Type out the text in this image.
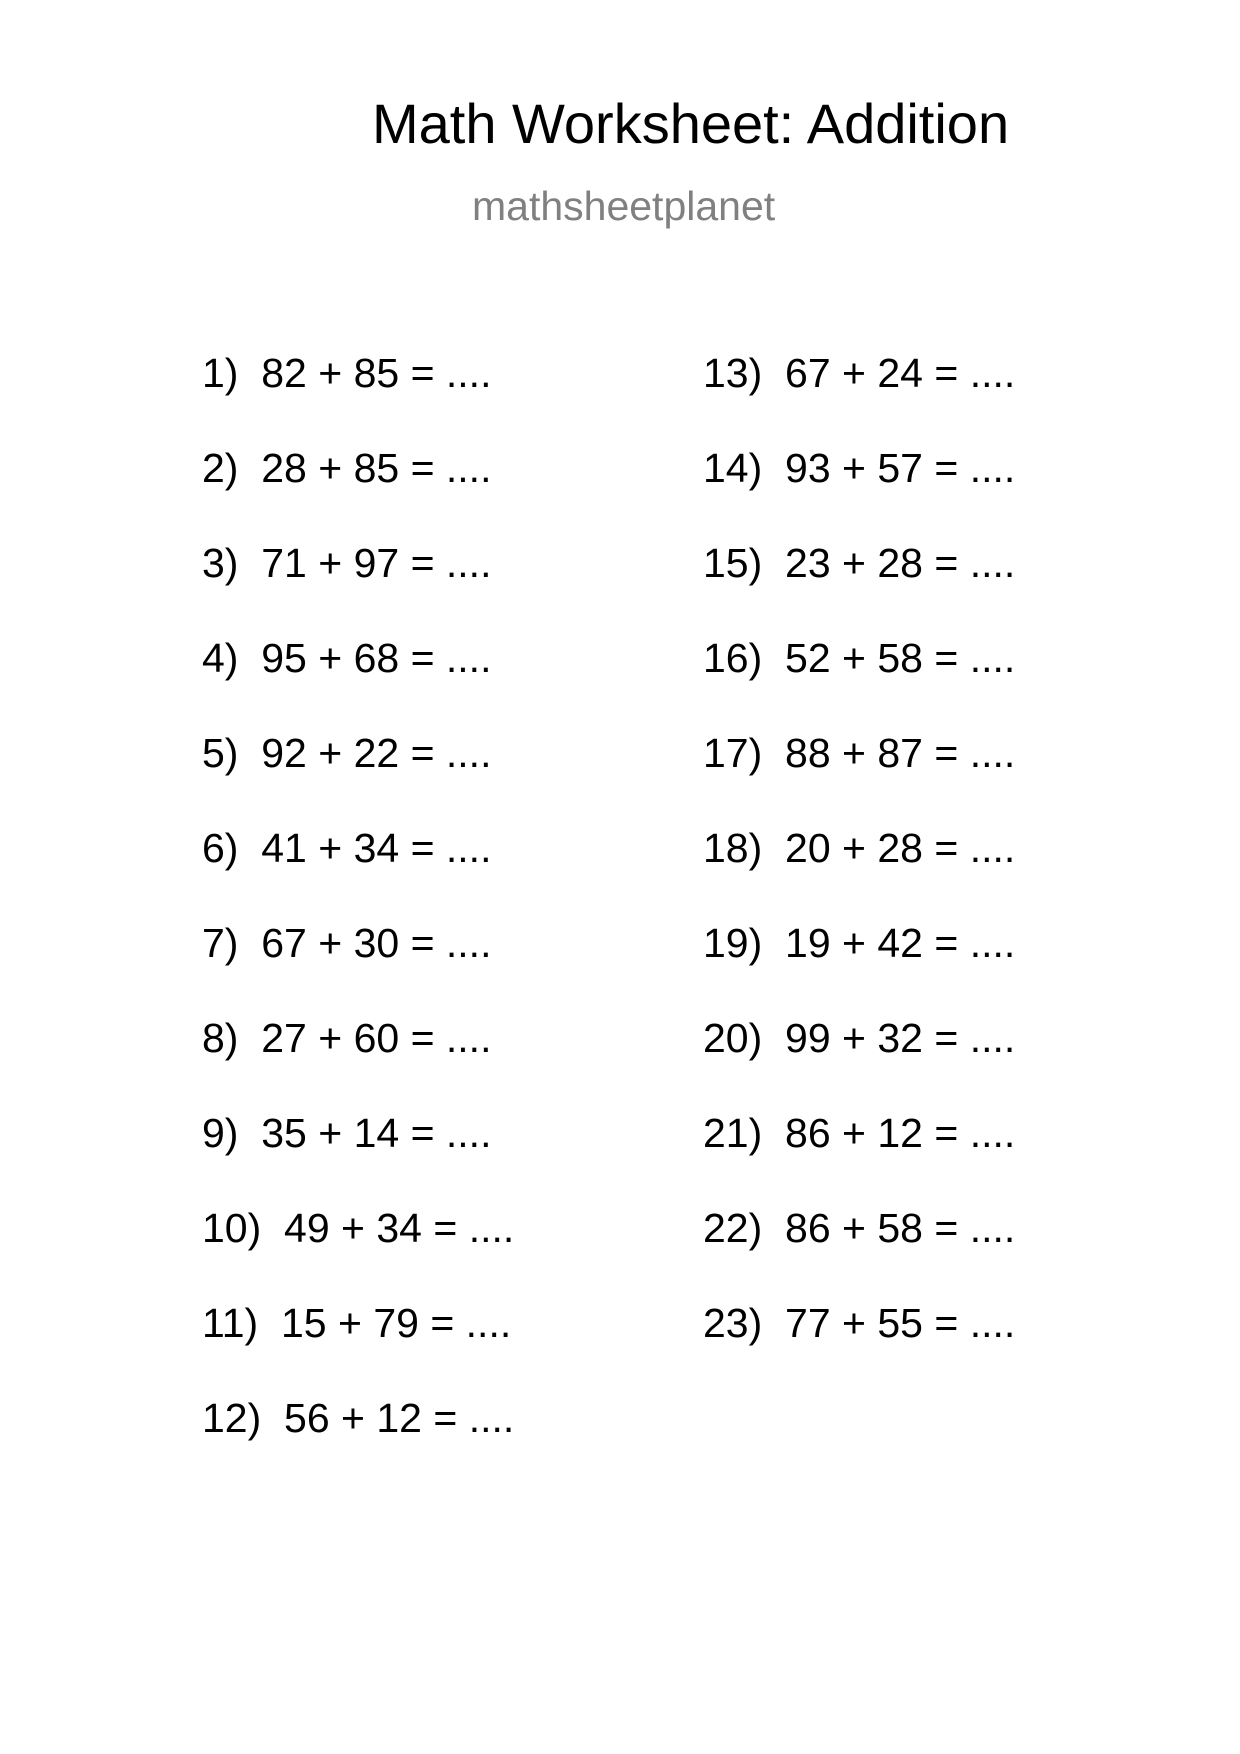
Math Worksheet: Addition
mathsheetplanet
1)  82 + 85 = ....
2)  28 + 85 = ....
3)  71 + 97 = ....
4)  95 + 68 = ....
5)  92 + 22 = ....
6)  41 + 34 = ....
7)  67 + 30 = ....
8)  27 + 60 = ....
9)  35 + 14 = ....
10)  49 + 34 = ....
11)  15 + 79 = ....
12)  56 + 12 = ....
13)  67 + 24 = ....
14)  93 + 57 = ....
15)  23 + 28 = ....
16)  52 + 58 = ....
17)  88 + 87 = ....
18)  20 + 28 = ....
19)  19 + 42 = ....
20)  99 + 32 = ....
21)  86 + 12 = ....
22)  86 + 58 = ....
23)  77 + 55 = ....
